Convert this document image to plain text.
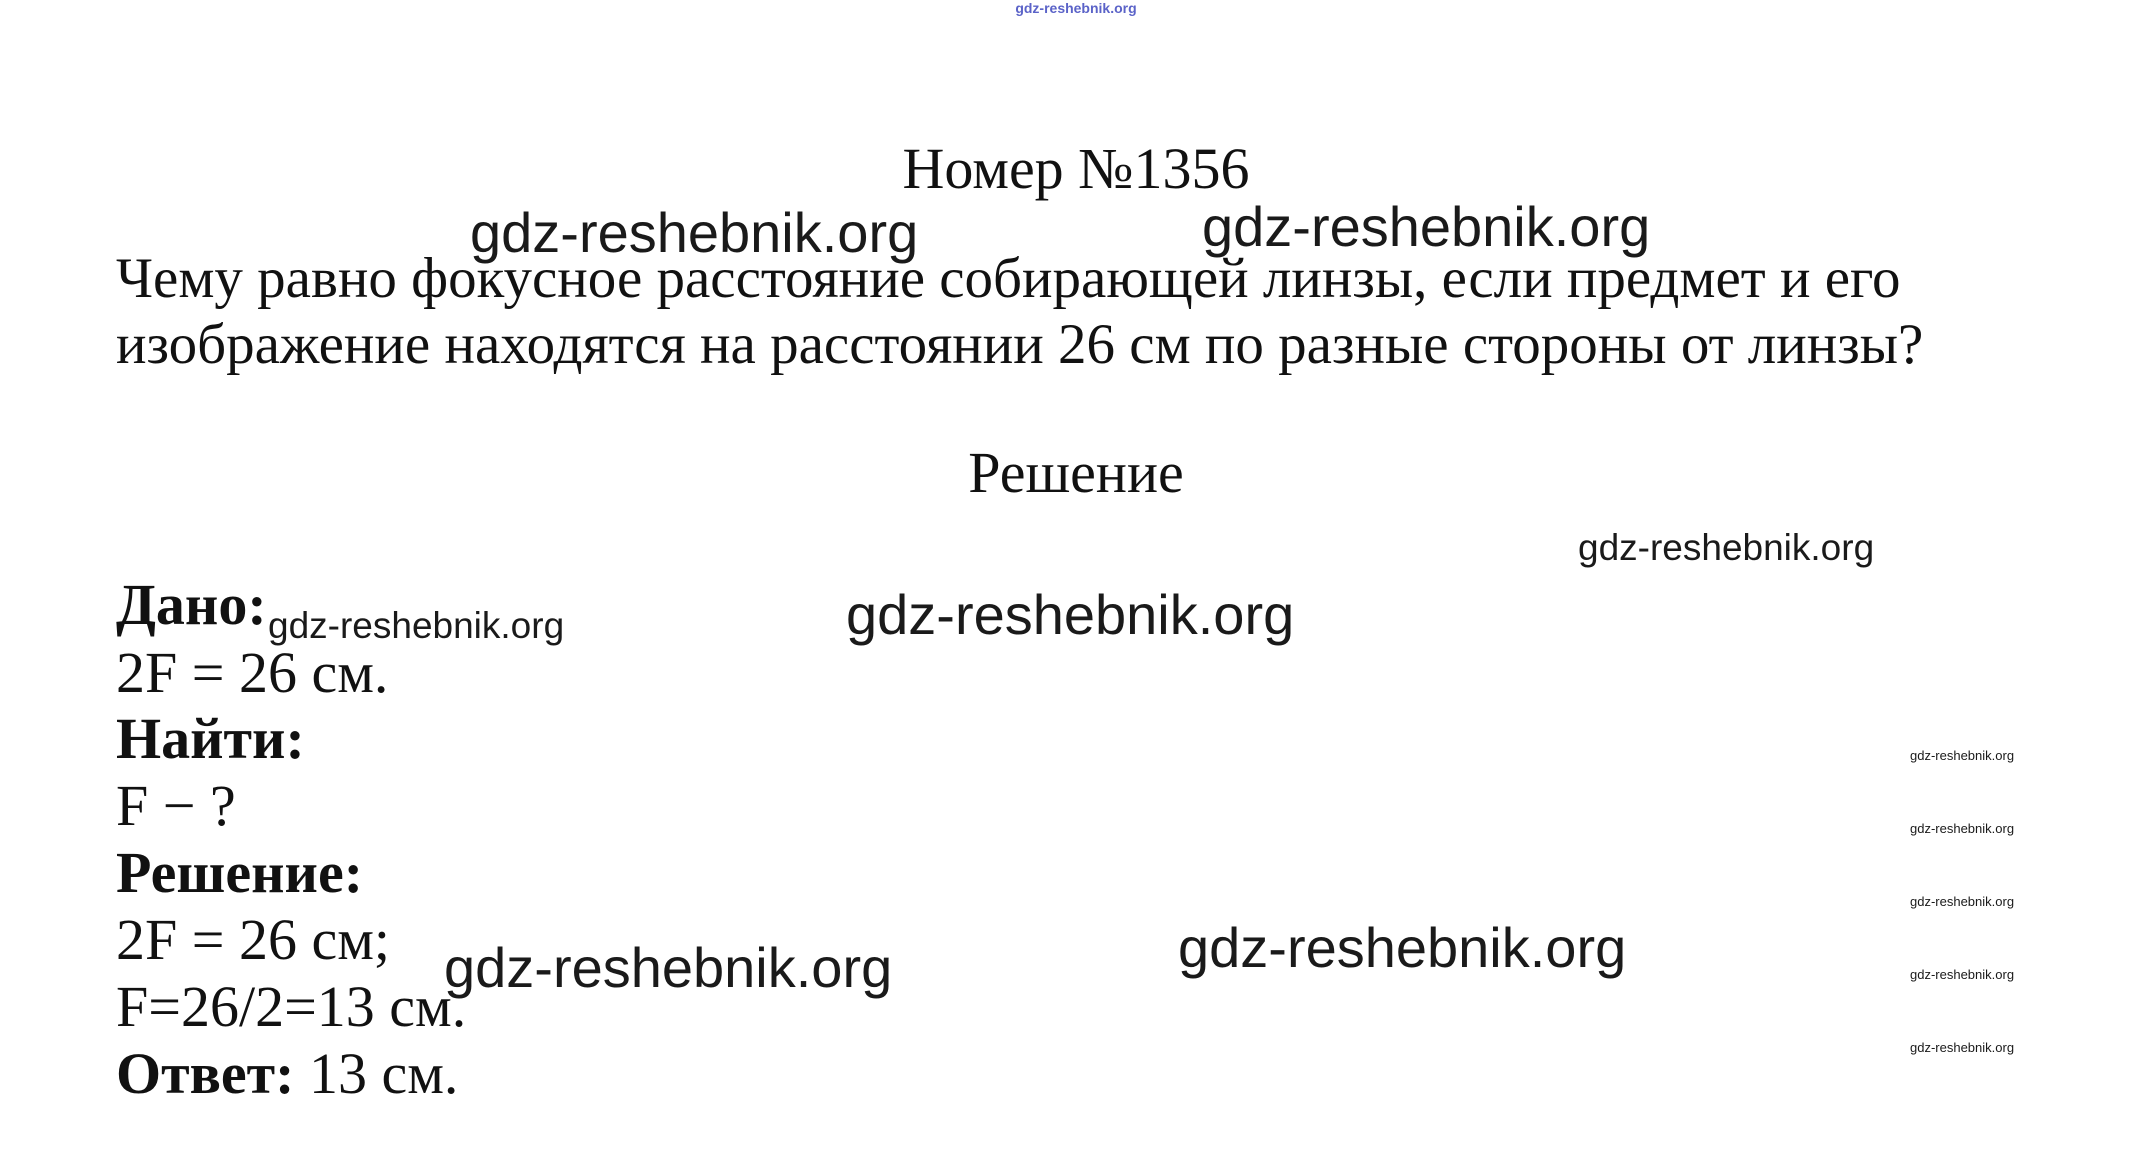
gdz-reshebnik.org
Номер №1356
Чему равно фокусное расстояние собирающей линзы, если предмет и его
изображение находятся на расстоянии 26 см по разные стороны от линзы?
Решение
Дано:
2F = 26 см.
Найти:
F − ?
Решение:
2F = 26 см;
F=26/2=13 см.
Ответ: 13 см.
gdz-reshebnik.org	gdz-reshebnik.org
gdz-reshebnik.org
gdz-reshebnik.org	gdz-reshebnik.org
gdz-reshebnik.org
gdz-reshebnik.org
gdz-reshebnik.org
gdz-reshebnik.org
gdz-reshebnik.org
gdz-reshebnik.org
gdz-reshebnik.org
